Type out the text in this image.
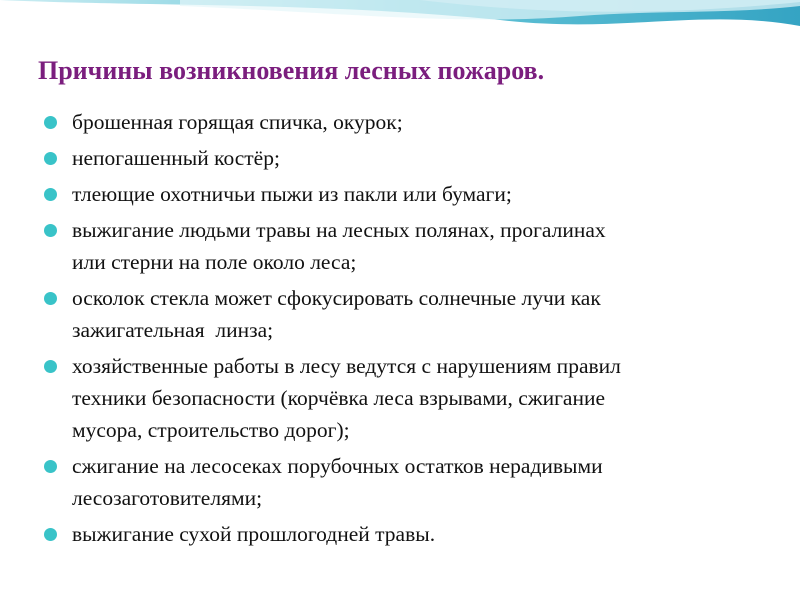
Причины возникновения лесных пожаров.
брошенная горящая спичка, окурок;
непогашенный костёр;
тлеющие охотничьи пыжи из пакли или бумаги;
выжигание людьми травы на лесных полянах, прогалинах
или стерни на поле около леса;
осколок стекла может сфокусировать солнечные лучи как
зажигательная  линза;
хозяйственные работы в лесу ведутся с нарушениям правил
техники безопасности (корчёвка леса взрывами, сжигание
мусора, строительство дорог);
сжигание на лесосеках порубочных остатков нерадивыми
лесозаготовителями;
выжигание сухой прошлогодней травы.
